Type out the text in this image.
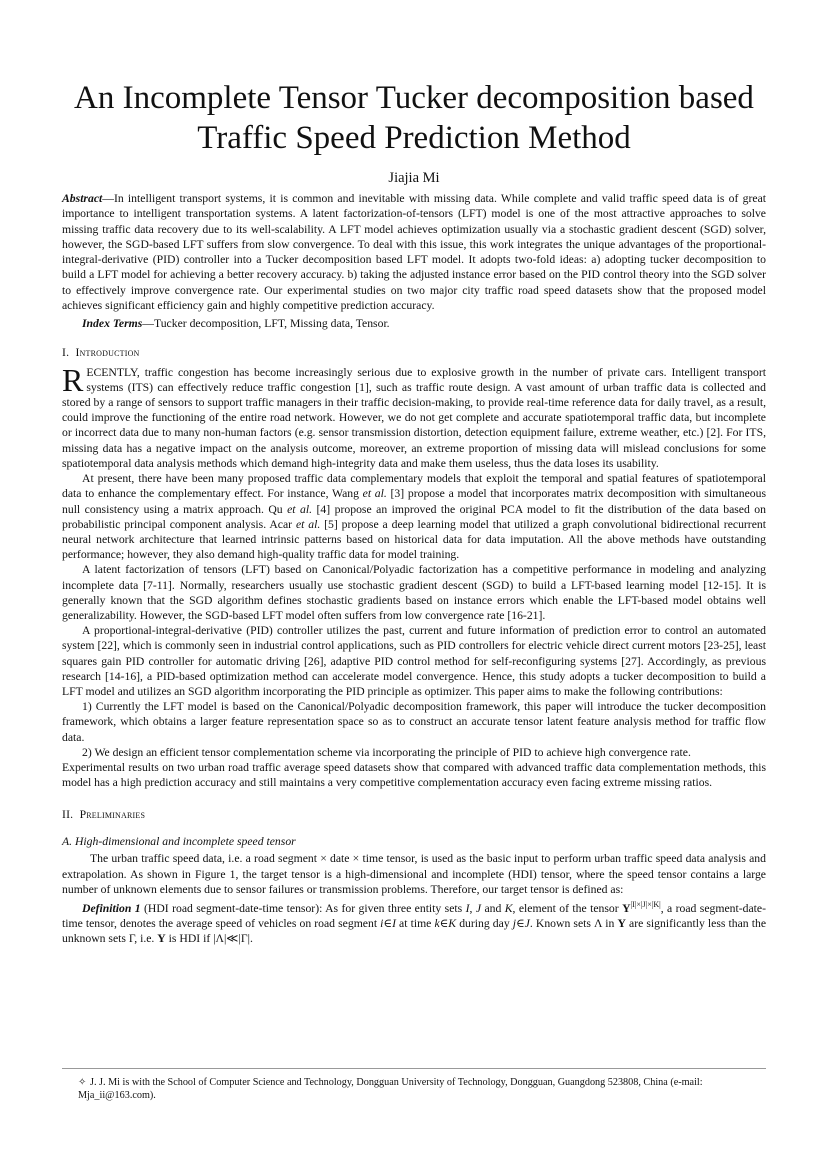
An Incomplete Tensor Tucker decomposition based
Traffic Speed Prediction Method
Jiajia Mi

Abstract—In intelligent transport systems, it is common and inevitable with missing data. While complete and valid traffic speed data is of great importance to intelligent transportation systems. A latent factorization-of-tensors (LFT) model is one of the most attractive approaches to solve missing traffic data recovery due to its well-scalability. A LFT model achieves optimization usually via a stochastic gradient descent (SGD) solver, however, the SGD-based LFT suffers from slow convergence. To deal with this issue, this work integrates the unique advantages of the proportional-integral-derivative (PID) controller into a Tucker decomposition based LFT model. It adopts two-fold ideas: a) adopting tucker decomposition to build a LFT model for achieving a better recovery accuracy. b) taking the adjusted instance error based on the PID control theory into the SGD solver to effectively improve convergence rate. Our experimental studies on two major city traffic road speed datasets show that the proposed model achieves significant efficiency gain and highly competitive prediction accuracy.

Index Terms—Tucker decomposition, LFT, Missing data, Tensor.

I. Introduction

RECENTLY, traffic congestion has become increasingly serious due to explosive growth in the number of private cars. Intelligent transport systems (ITS) can effectively reduce traffic congestion [1], such as traffic route design. A vast amount of urban traffic data is collected and stored by a range of sensors to support traffic managers in their traffic decision-making, to provide real-time reference data for daily travel, as a result, could improve the functioning of the entire road network. However, we do not get complete and accurate spatiotemporal traffic data, but incomplete or incorrect data due to many non-human factors (e.g. sensor transmission distortion, detection equipment failure, extreme weather, etc.) [2]. For ITS, missing data has a negative impact on the analysis outcome, moreover, an extreme proportion of missing data will mislead conclusions for some spatiotemporal data analysis methods which demand high-integrity data and make them useless, thus the data loses its usability.

At present, there have been many proposed traffic data complementary models that exploit the temporal and spatial features of spatiotemporal data to enhance the complementary effect. For instance, Wang et al. [3] propose a model that incorporates matrix decomposition with simultaneous null consistency using a matrix approach. Qu et al. [4] propose an improved the original PCA model to fit the distribution of the data based on probabilistic principal component analysis. Acar et al. [5] propose a deep learning model that utilized a graph convolutional bidirectional recurrent neural network architecture that learned intrinsic patterns based on historical data for data imputation. All the above methods have outstanding performance; however, they also demand high-quality traffic data for model training.

A latent factorization of tensors (LFT) based on Canonical/Polyadic factorization has a competitive performance in modeling and analyzing incomplete data [7-11]. Normally, researchers usually use stochastic gradient descent (SGD) to build a LFT-based learning model [12-15]. It is generally known that the SGD algorithm defines stochastic gradients based on instance errors which enable the LFT-based model obtains well generalizability. However, the SGD-based LFT model often suffers from low convergence rate [16-21].

A proportional-integral-derivative (PID) controller utilizes the past, current and future information of prediction error to control an automated system [22], which is commonly seen in industrial control applications, such as PID controllers for electric vehicle direct current motors [23-25], least squares gain PID controller for automatic driving [26], adaptive PID control method for self-reconfiguring systems [27]. Accordingly, as previous research [14-16], a PID-based optimization method can accelerate model convergence. Hence, this study adopts a tucker decomposition to build a LFT model and utilizes an SGD algorithm incorporating the PID principle as optimizer. This paper aims to make the following contributions:

1) Currently the LFT model is based on the Canonical/Polyadic decomposition framework, this paper will introduce the tucker decomposition framework, which obtains a larger feature representation space so as to construct an accurate tensor latent feature analysis method for traffic flow data.

2) We design an efficient tensor complementation scheme via incorporating the principle of PID to achieve high convergence rate.

Experimental results on two urban road traffic average speed datasets show that compared with advanced traffic data complementation methods, this model has a high prediction accuracy and still maintains a very competitive complementation accuracy even facing extreme missing ratios.

II. Preliminaries
A. High-dimensional and incomplete speed tensor

The urban traffic speed data, i.e. a road segment × date × time tensor, is used as the basic input to perform urban traffic speed data analysis and extrapolation. As shown in Figure 1, the target tensor is a high-dimensional and incomplete (HDI) tensor, where the speed tensor contains a large number of unknown elements due to sensor failures or transmission problems. Therefore, our target tensor is defined as:

Definition 1 (HDI road segment-date-time tensor): As for given three entity sets I, J and K, element of the tensor $Y^{|I|\times|J|\times|K|}$, a road segment-date-time tensor, denotes the average speed of vehicles on road segment i∈I at time k∈K during day j∈J. Known sets Λ in Y are significantly less than the unknown sets Γ, i.e. Y is HDI if |Λ|≪|Γ|.

✧ J. J. Mi is with the School of Computer Science and Technology, Dongguan University of Technology, Dongguan, Guangdong 523808, China (e-mail: Mja_ii@163.com).
